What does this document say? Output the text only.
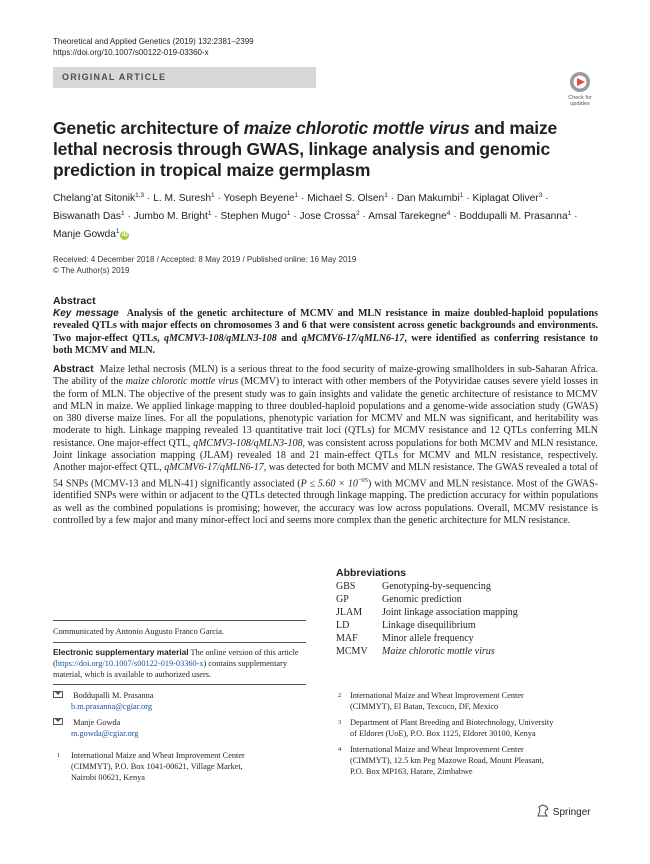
Theoretical and Applied Genetics (2019) 132:2381–2399
https://doi.org/10.1007/s00122-019-03360-x
ORIGINAL ARTICLE
Check for
updates
Genetic architecture of maize chlorotic mottle virus and maize lethal necrosis through GWAS, linkage analysis and genomic prediction in tropical maize germplasm
Chelang’at Sitonik$^{1,3}$ · L. M. Suresh$^1$ · Yoseph Beyene$^1$ · Michael S. Olsen$^1$ · Dan Makumbi$^1$ · Kiplagat Oliver$^3$ ·
Biswanath Das$^1$ · Jumbo M. Bright$^1$ · Stephen Mugo$^1$ · Jose Crossa$^2$ · Amsal Tarekegne$^4$ · Boddupalli M. Prasanna$^1$ ·
Manje Gowda$^1$ iD
Received: 4 December 2018 / Accepted: 8 May 2019 / Published online: 16 May 2019
© The Author(s) 2019
Abstract
Key message Analysis of the genetic architecture of MCMV and MLN resistance in maize doubled-haploid populations revealed QTLs with major effects on chromosomes 3 and 6 that were consistent across genetic backgrounds and environments. Two major-effect QTLs, qMCMV3-108/qMLN3-108 and qMCMV6-17/qMLN6-17, were identified as conferring resistance to both MCMV and MLN.
Abstract Maize lethal necrosis (MLN) is a serious threat to the food security of maize-growing smallholders in sub-Saharan Africa. The ability of the maize chlorotic mottle virus (MCMV) to interact with other members of the Potyviridae causes severe yield losses in the form of MLN. The objective of the present study was to gain insights and validate the genetic architecture of resistance to MCMV and MLN in maize. We applied linkage mapping to three doubled-haploid populations and a genome-wide association study (GWAS) on 380 diverse maize lines. For all the populations, phenotypic variation for MCMV and MLN was significant, and heritability was moderate to high. Linkage mapping revealed 13 quantitative trait loci (QTLs) for MCMV resistance and 12 QTLs conferring MLN resistance. One major-effect QTL, qMCMV3-108/qMLN3-108, was consistent across populations for both MCMV and MLN resistance. Joint linkage association mapping (JLAM) revealed 18 and 21 main-effect QTLs for MCMV and MLN resistance, respectively. Another major-effect QTL, qMCMV6-17/qMLN6-17, was detected for both MCMV and MLN resistance. The GWAS revealed a total of 54 SNPs (MCMV-13 and MLN-41) significantly associated $(P \le 5.60 \times 10^{-05})$ with MCMV and MLN resistance. Most of the GWAS-identified SNPs were within or adjacent to the QTLs detected through linkage mapping. The prediction accuracy for within populations as well as the combined populations is promising; however, the accuracy was low across populations. Overall, MCMV resistance is controlled by a few major and many minor-effect loci and seems more complex than the genetic architecture for MLN resistance.
Abbreviations
GBS	Genotyping-by-sequencing
GP	Genomic prediction
JLAM Joint linkage association mapping
LD	Linkage disequilibrium
MAF Minor allele frequency
MCMV Maize chlorotic mottle virus
Communicated by Antonio Augusto Franco Garcia.
Electronic supplementary material The online version of this article (https://doi.org/10.1007/s00122-019-03360-x) contains supplementary material, which is available to authorized users.
Boddupalli M. Prasanna
b.m.prasanna@cgiar.org
Manje Gowda
m.gowda@cgiar.org
1 International Maize and Wheat Improvement Center
(CIMMYT), P.O. Box 1041-00621, Village Market,
Nairobi 00621, Kenya
2 International Maize and Wheat Improvement Center
(CIMMYT), El Batan, Texcoco, DF, Mexico
3 Department of Plant Breeding and Biotechnology, University
of Eldoret (UoE), P.O. Box 1125, Eldoret 30100, Kenya
4 International Maize and Wheat Improvement Center
(CIMMYT), 12.5 km Peg Mazowe Road, Mount Pleasant,
P.O. Box MP163, Harare, Zimbabwe
Springer
